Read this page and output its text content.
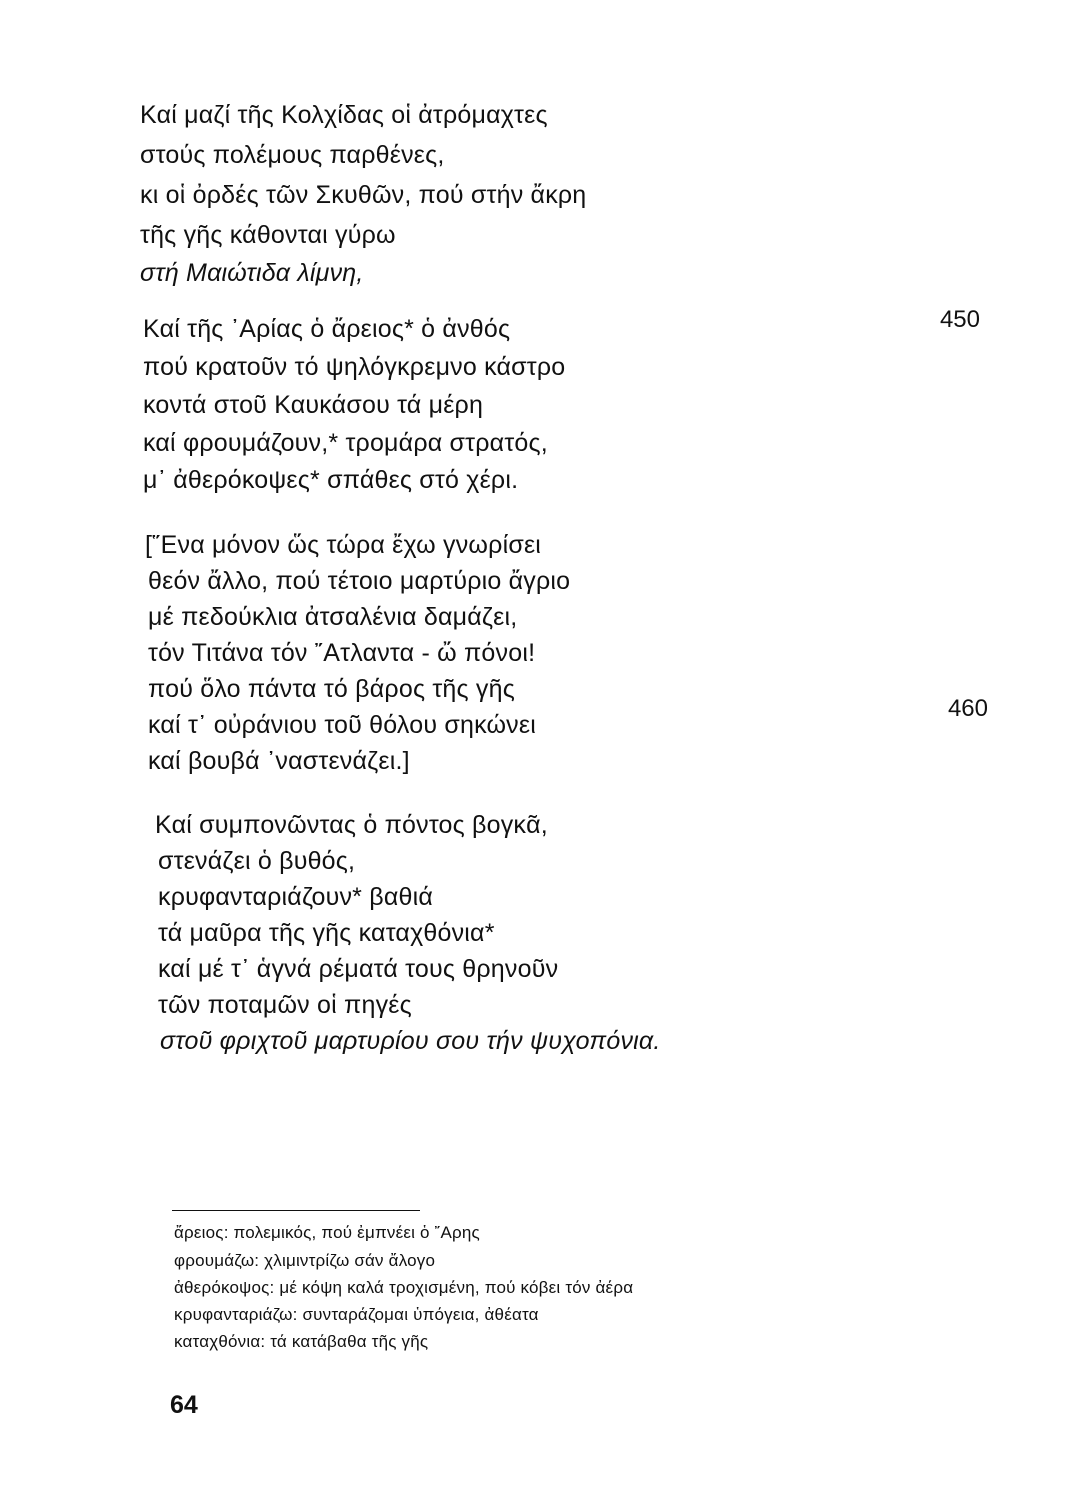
Καί μαζί τῆς Κολχίδας οἱ ἀτρόμαχτες
στούς πολέμους παρθένες,
κι οἱ ὀρδές τῶν Σκυθῶν, πού στήν ἄκρη
τῆς γῆς κάθονται γύρω
στή Μαιώτιδα λίμνη,
Καί τῆς ᾿Αρίας ὁ ἄρειος* ὁ ἀνθός
πού κρατοῦν τό ψηλόγκρεμνο κάστρο
κοντά στοῦ Καυκάσου τά μέρη
καί φρουμάζουν,* τρομάρα στρατός,
μ᾿ ἀθερόκοψες* σπάθες στό χέρι.
450
[῞Ενα μόνον ὥς τώρα ἔχω γνωρίσει
θεόν ἄλλο, πού τέτοιο μαρτύριο ἄγριο
μέ πεδούκλια ἀτσαλένια δαμάζει,
τόν Τιτάνα τόν ῎Ατλαντα - ὤ πόνοι!
πού ὅλο πάντα τό βάρος τῆς γῆς
καί τ᾿ οὐράνιου τοῦ θόλου σηκώνει
καί βουβά ᾿ναστενάζει.]
460
Καί συμπονῶντας ὁ πόντος βογκᾶ,
στενάζει ὁ βυθός,
κρυφανταριάζουν* βαθιά
τά μαῦρα τῆς γῆς καταχθόνια*
καί μέ τ᾿ ἁγνά ρέματά τους θρηνοῦν
τῶν ποταμῶν οἱ πηγές
στοῦ φριχτοῦ μαρτυρίου σου τήν ψυχοπόνια.
ἄρειος: πολεμικός, πού ἐμπνέει ὁ ῎Αρης
φρουμάζω: χλιμιντρίζω σάν ἄλογο
ἀθερόκοψος: μέ κόψη καλά τροχισμένη, πού κόβει τόν ἀέρα
κρυφανταριάζω: συνταράζομαι ὑπόγεια, ἀθέατα
καταχθόνια: τά κατάβαθα τῆς γῆς
64
